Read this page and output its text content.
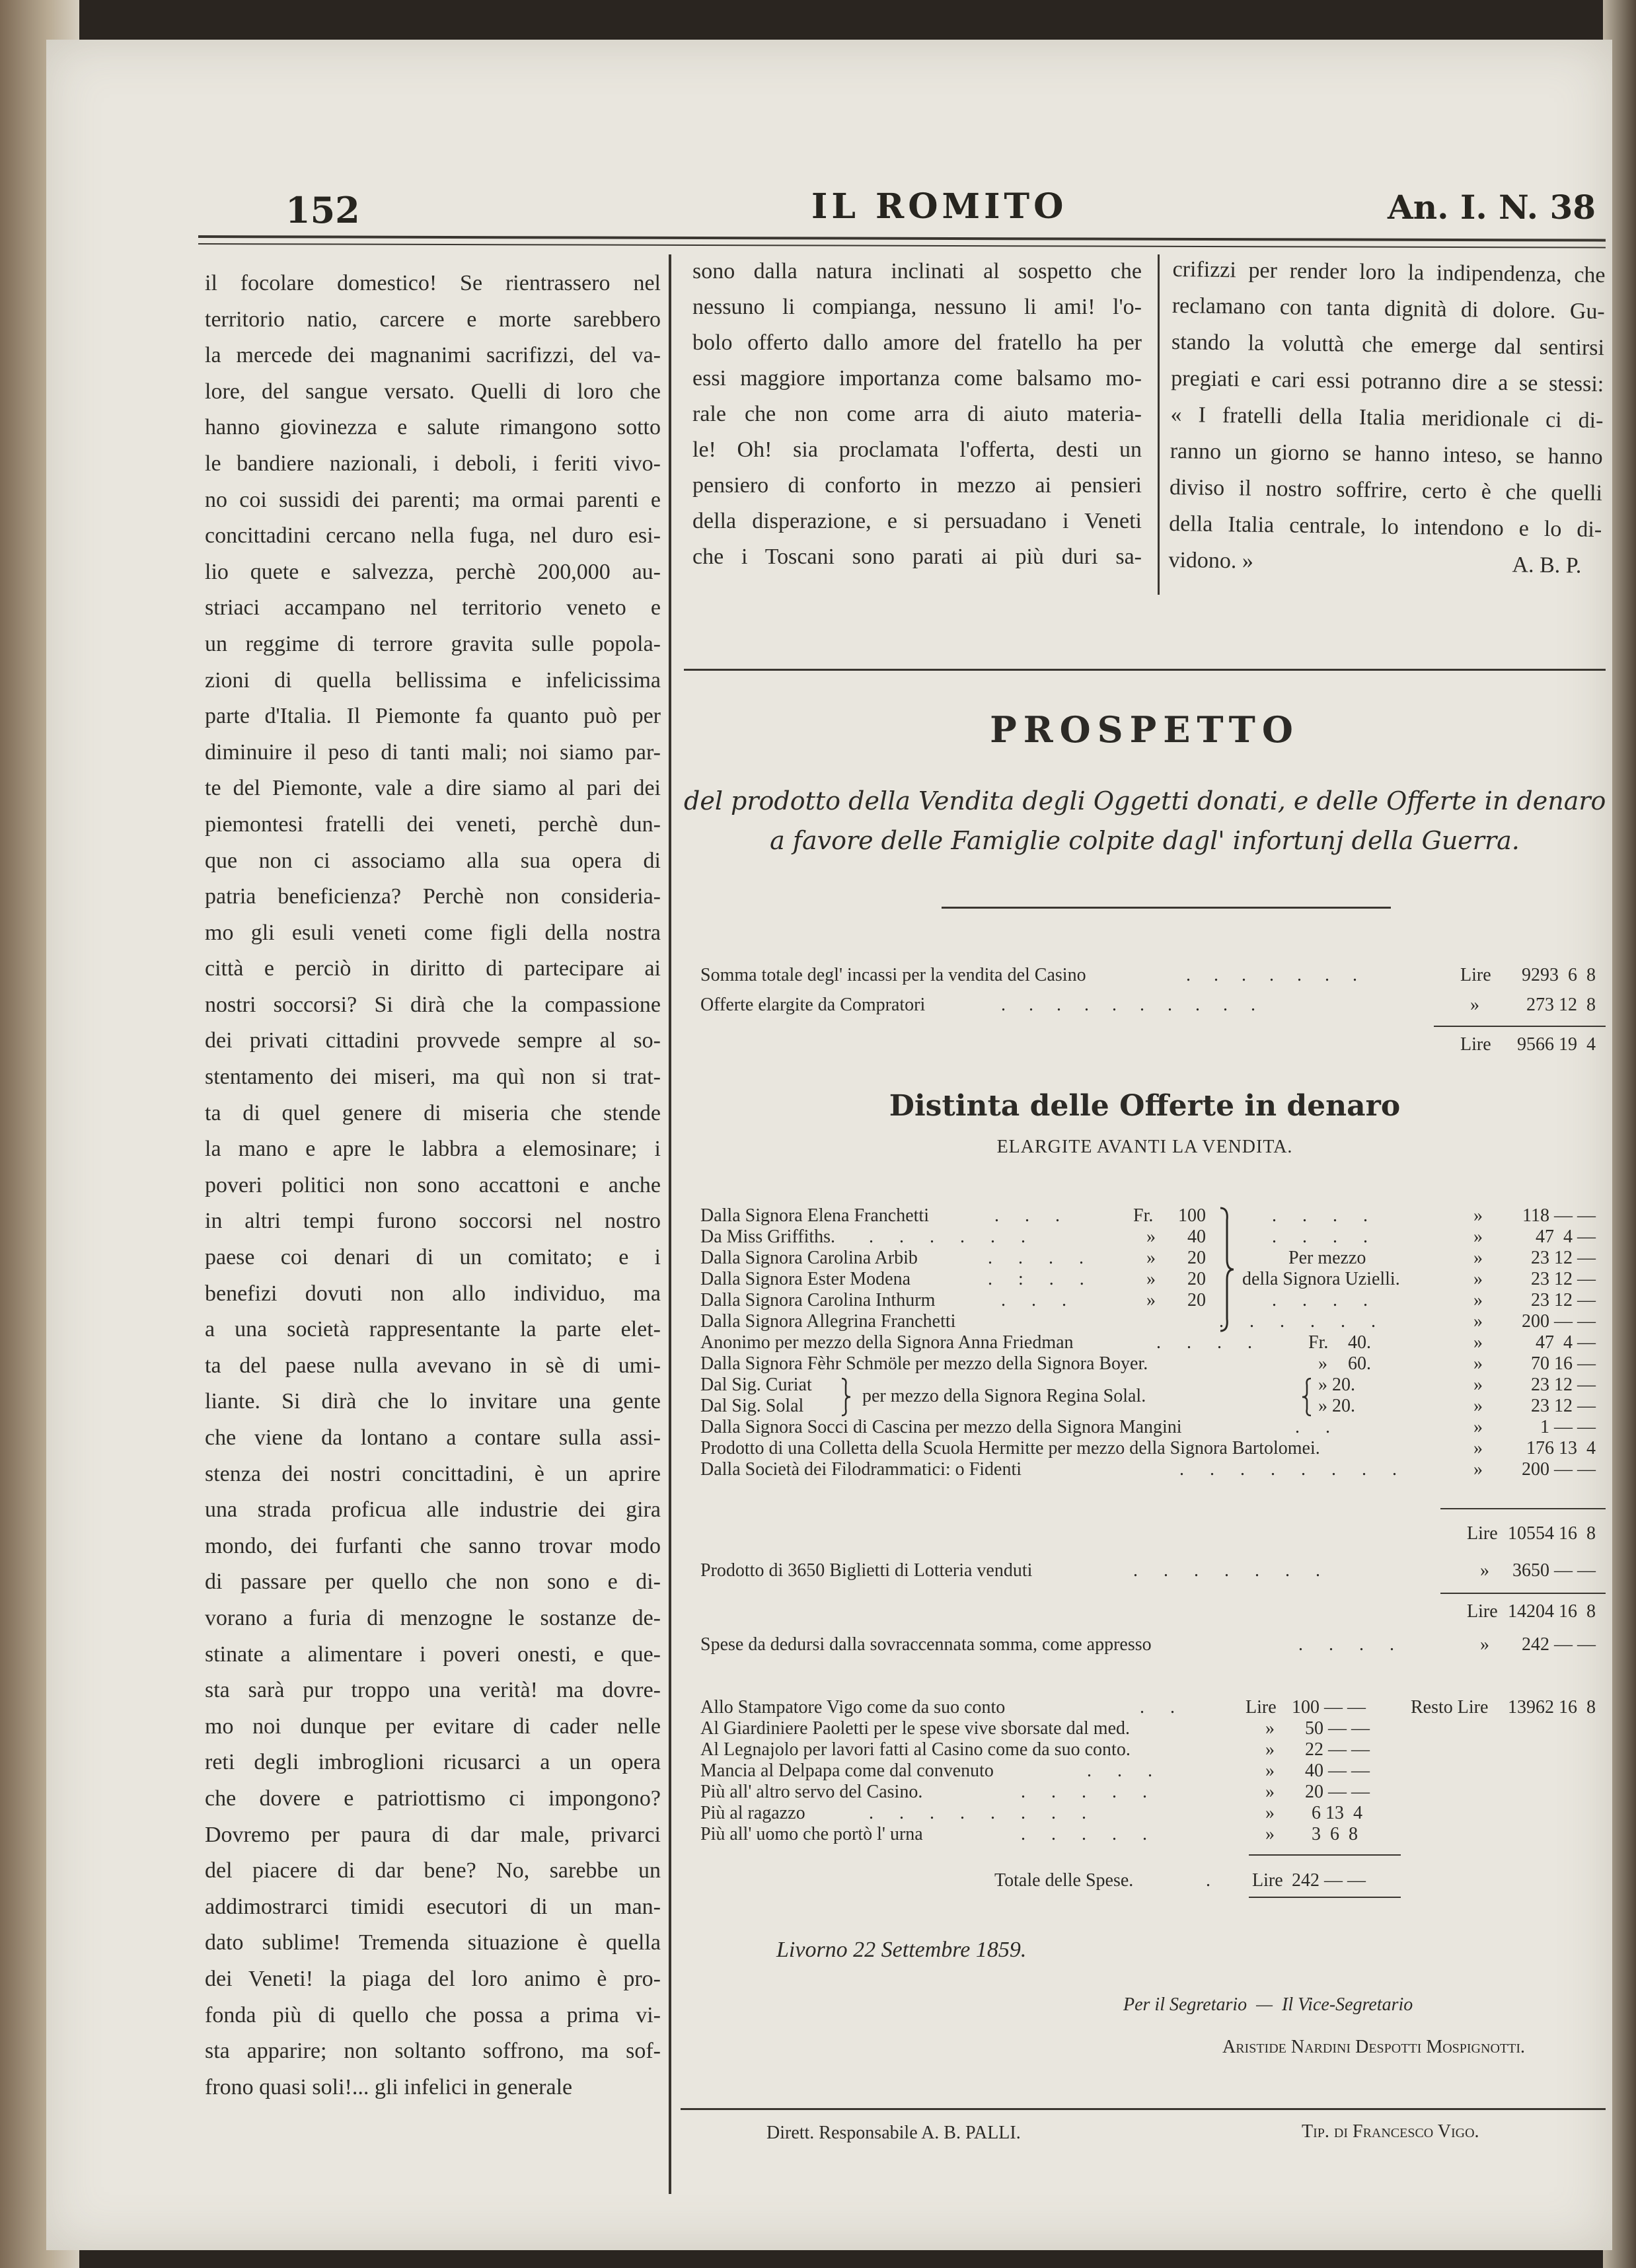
152	IL ROMITO	An. I. N. 38
il focolare domestico! Se rientrassero nel
territorio natio, carcere e morte sarebbero
la mercede dei magnanimi sacrifizzi, del va-
lore, del sangue versato. Quelli di loro che
hanno giovinezza e salute rimangono sotto
le bandiere nazionali, i deboli, i feriti vivo-
no coi sussidi dei parenti; ma ormai parenti e
concittadini cercano nella fuga, nel duro esi-
lio quete e salvezza, perchè 200,000 au-
striaci accampano nel territorio veneto e
un reggime di terrore gravita sulle popola-
zioni di quella bellissima e infelicissima
parte d'Italia. Il Piemonte fa quanto può per
diminuire il peso di tanti mali; noi siamo par-
te del Piemonte, vale a dire siamo al pari dei
piemontesi fratelli dei veneti, perchè dun-
que non ci associamo alla sua opera di
patria beneficienza? Perchè non consideria-
mo gli esuli veneti come figli della nostra
città e perciò in diritto di partecipare ai
nostri soccorsi? Si dirà che la compassione
dei privati cittadini provvede sempre al so-
stentamento dei miseri, ma quì non si trat-
ta di quel genere di miseria che stende
la mano e apre le labbra a elemosinare; i
poveri politici non sono accattoni e anche
in altri tempi furono soccorsi nel nostro
paese coi denari di un comitato; e i
benefizi dovuti non allo individuo, ma
a una società rappresentante la parte elet-
ta del paese nulla avevano in sè di umi-
liante. Si dirà che lo invitare una gente
che viene da lontano a contare sulla assi-
stenza dei nostri concittadini, è un aprire
una strada proficua alle industrie dei gira
mondo, dei furfanti che sanno trovar modo
di passare per quello che non sono e di-
vorano a furia di menzogne le sostanze de-
stinate a alimentare i poveri onesti, e que-
sta sarà pur troppo una verità! ma dovre-
mo noi dunque per evitare di cader nelle
reti degli imbroglioni ricusarci a un opera
che dovere e patriottismo ci impongono?
Dovremo per paura di dar male, privarci
del piacere di dar bene? No, sarebbe un
addimostrarci timidi esecutori di un man-
dato sublime! Tremenda situazione è quella
dei Veneti! la piaga del loro animo è pro-
fonda più di quello che possa a prima vi-
sta apparire; non soltanto soffrono, ma sof-
frono quasi soli!... gli infelici in generale
sono dalla natura inclinati al sospetto che
nessuno li compianga, nessuno li ami! l'o-
bolo offerto dallo amore del fratello ha per
essi maggiore importanza come balsamo mo-
rale che non come arra di aiuto materia-
le! Oh! sia proclamata l'offerta, desti un
pensiero di conforto in mezzo ai pensieri
della disperazione, e si persuadano i Veneti
che i Toscani sono parati ai più duri sa-
crifizzi per render loro la indipendenza, che
reclamano con tanta dignità di dolore. Gu-
stando la voluttà che emerge dal sentirsi
pregiati e cari essi potranno dire a se stessi:
« I fratelli della Italia meridionale ci di-
ranno un giorno se hanno inteso, se hanno
diviso il nostro soffrire, certo è che quelli
della Italia centrale, lo intendono e lo di-
vidono. »	A. B. P.
PROSPETTO
del prodotto della Vendita degli Oggetti donati, e delle Offerte in denaro
a favore delle Famiglie colpite dagl' infortunj della Guerra.
Somma totale degl' incassi per la vendita del Casino	. . . . . . .	Lire 9293  6  8
Offerte elargite da Compratori	. . . . . . . . . .	»	273 12  8
Lire 9566 19  4
Distinta delle Offerte in denaro
ELARGITE AVANTI LA VENDITA.
Dalla Signora Elena Franchetti	. . .	Fr.	100	. . . .	» 118 — —
Da Miss Griffiths. . . . . . .	»	40	. . . .	»	47  4 —
Dalla Signora Carolina Arbib	. . . .	»	20	»	23 12 —
Dalla Signora Ester Modena	. : . .	»	20	»	23 12 —
Dalla Signora Carolina Inthurm	. . .	»	20	. . . .	»	23 12 —
Dalla Signora Allegrina Franchetti	. . . . . .	» 200 — —
Per mezzo
della Signora Uzielli.
Anonimo per mezzo della Signora Anna Friedman	. . . . Fr. 40.	»	47  4 —
Dalla Signora Fèhr Schmöle per mezzo della Signora Boyer.	» 60.	»	70 16 —
Dal Sig. Curiat	» 20.	»	23 12 —
Dal Sig. Solal	» 20.	»	23 12 —
per mezzo della Signora Regina Solal.
Dalla Signora Socci di Cascina per mezzo della Signora Mangini	. .	»	1 — —
Prodotto di una Colletta della Scuola Hermitte per mezzo della Signora Bartolomei.	» 176 13  4
Dalla Società dei Filodrammatici: o Fidenti	. . . . . . . .	» 200 — —
Lire 10554 16  8
Prodotto di 3650 Biglietti di Lotteria venduti	. . . . . . .	» 3650 — —
Lire 14204 16  8
Spese da dedursi dalla sovraccennata somma, come appresso	. . . .	» 242 — —
Allo Stampatore Vigo come da suo conto	. .	Lire 100 — — Resto Lire 13962 16  8
Al Giardiniere Paoletti per le spese vive sborsate dal med.	» 50 — —
Al Legnajolo per lavori fatti al Casino come da suo conto.	» 22 — —
Mancia al Delpapa come dal convenuto	. . .	» 40 — —
Più all' altro servo del Casino.	. . . . .	» 20 — —
Più al ragazzo	. . . . . . . .	» 6 13  4
Più all' uomo che portò l' urna	. . . . .	» 3  6  8
Totale delle Spese.	. Lire 242 — —
Livorno 22 Settembre 1859.
Per il Segretario  —  Il Vice-Segretario
Aristide Nardini Despotti Mospignotti.
Dirett. Responsabile A. B. PALLI.	Tip. di Francesco Vigo.
